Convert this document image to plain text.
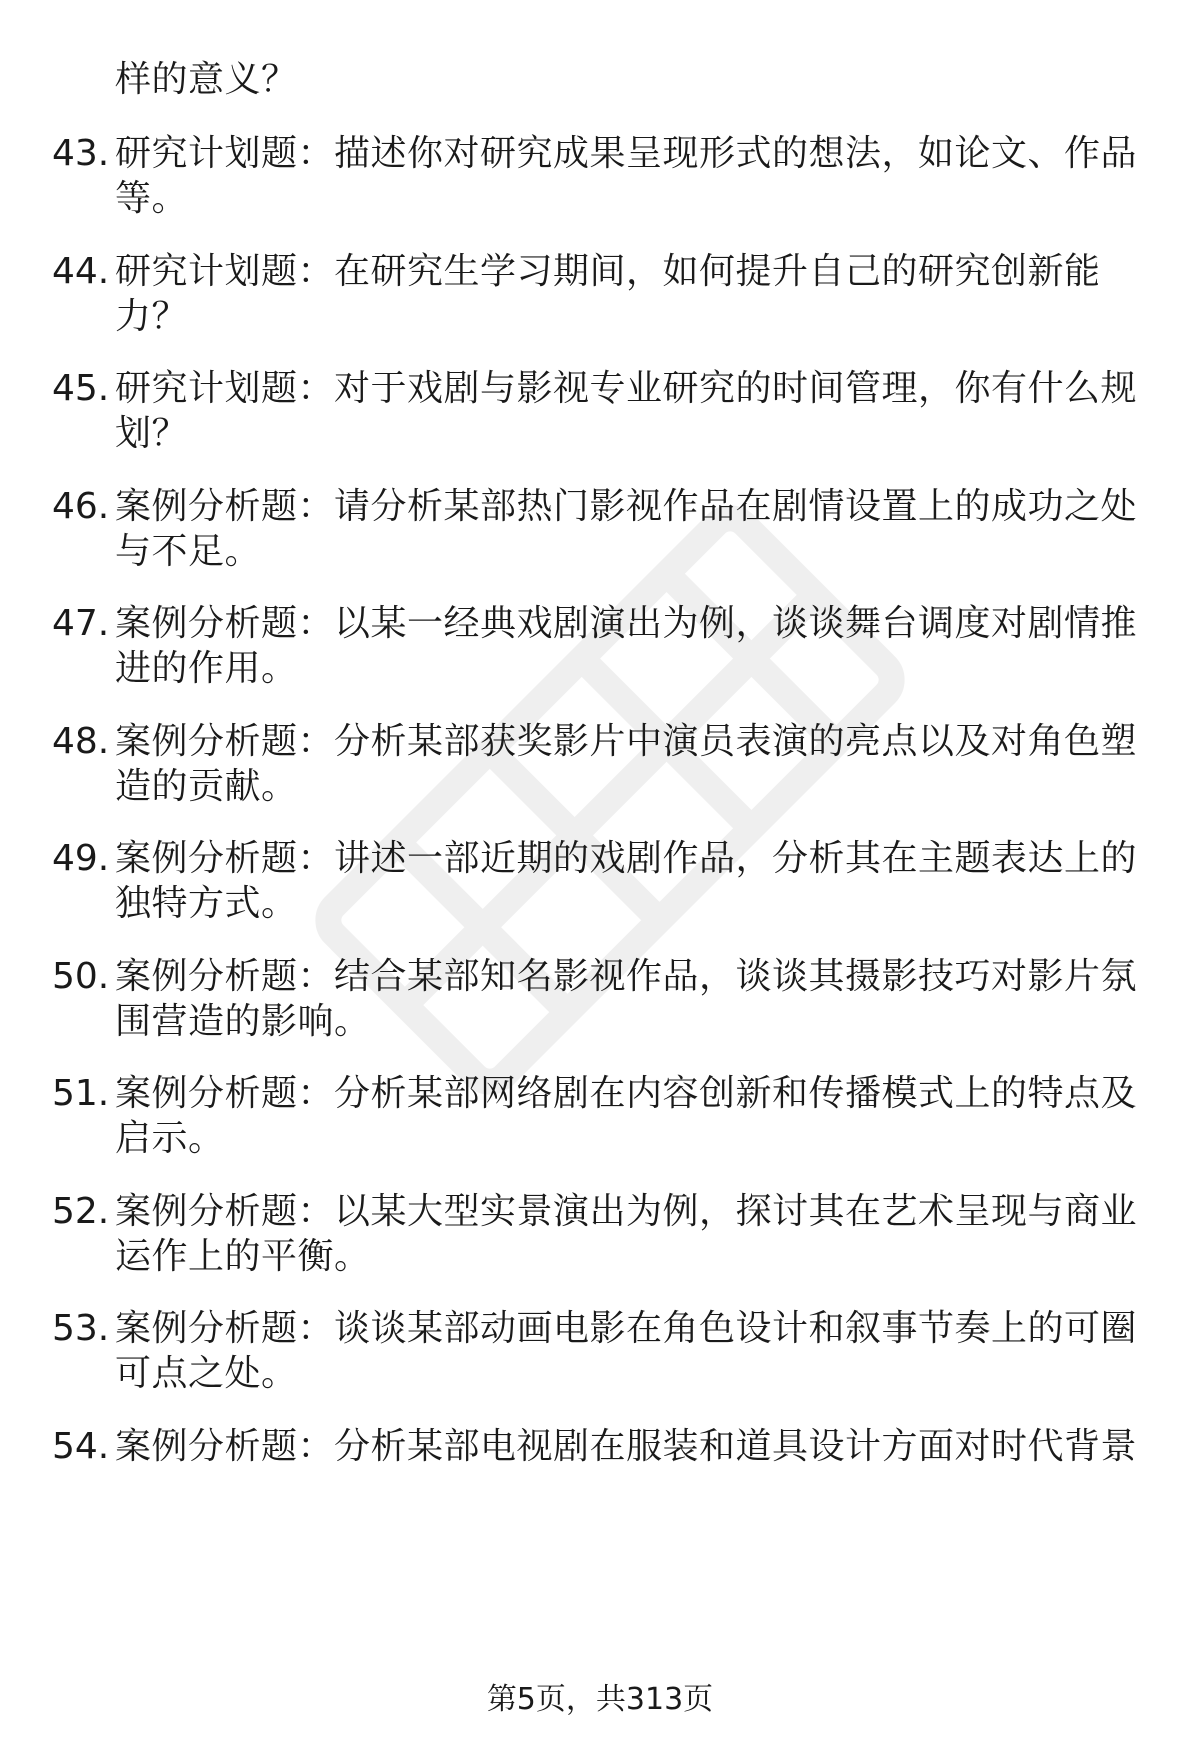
样的意义？
43. 研究计划题：描述你对研究成果呈现形式的想法，如论文、作品
等。
44. 研究计划题：在研究生学习期间，如何提升自己的研究创新能
力？
45. 研究计划题：对于戏剧与影视专业研究的时间管理，你有什么规
划？
46. 案例分析题：请分析某部热门影视作品在剧情设置上的成功之处
与不足。
47. 案例分析题：以某一经典戏剧演出为例，谈谈舞台调度对剧情推
进的作用。
48. 案例分析题：分析某部获奖影片中演员表演的亮点以及对角色塑
造的贡献。
49. 案例分析题：讲述一部近期的戏剧作品，分析其在主题表达上的
独特方式。
50. 案例分析题：结合某部知名影视作品，谈谈其摄影技巧对影片氛
围营造的影响。
51. 案例分析题：分析某部网络剧在内容创新和传播模式上的特点及
启示。
52. 案例分析题：以某大型实景演出为例，探讨其在艺术呈现与商业
运作上的平衡。
53. 案例分析题：谈谈某部动画电影在角色设计和叙事节奏上的可圈
可点之处。
54. 案例分析题：分析某部电视剧在服装和道具设计方面对时代背景
第5页，共313页
